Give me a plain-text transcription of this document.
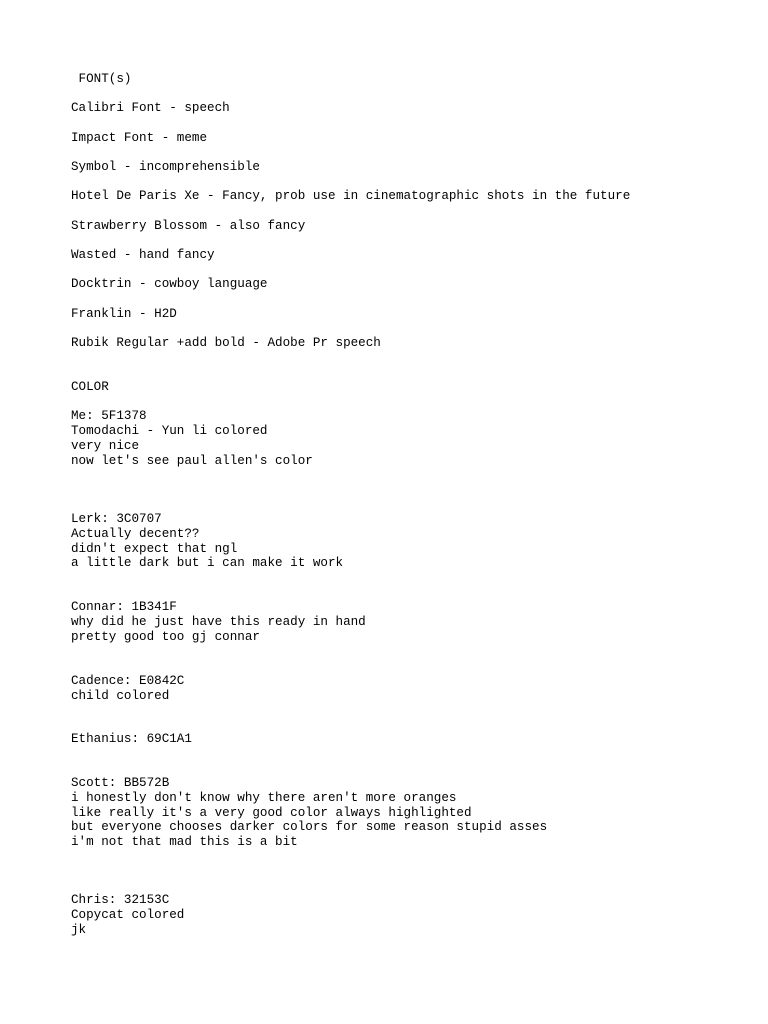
FONT(s)
Calibri Font - speech
Impact Font - meme
Symbol - incomprehensible
Hotel De Paris Xe - Fancy, prob use in cinematographic shots in the future
Strawberry Blossom - also fancy
Wasted - hand fancy
Docktrin - cowboy language
Franklin - H2D
Rubik Regular +add bold - Adobe Pr speech
COLOR
Me: 5F1378
Tomodachi - Yun li colored
very nice
now let's see paul allen's color
Lerk: 3C0707
Actually decent??
didn't expect that ngl
a little dark but i can make it work
Connar: 1B341F
why did he just have this ready in hand
pretty good too gj connar
Cadence: E0842C
child colored
Ethanius: 69C1A1
Scott: BB572B
i honestly don't know why there aren't more oranges
like really it's a very good color always highlighted
but everyone chooses darker colors for some reason stupid asses
i'm not that mad this is a bit
Chris: 32153C
Copycat colored
jk
